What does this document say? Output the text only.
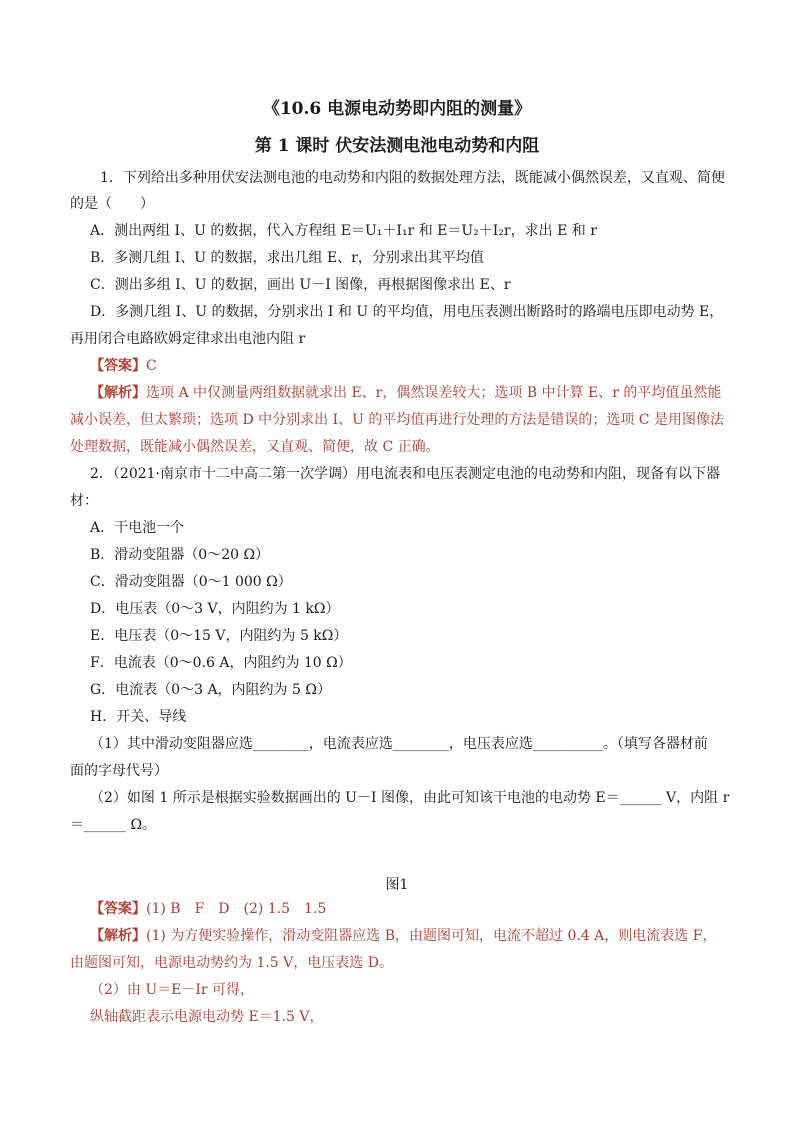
《10.6 电源电动势即内阻的测量》
第 1 课时 伏安法测电池电动势和内阻
1．下列给出多种用伏安法测电池的电动势和内阻的数据处理方法，既能减小偶然误差，又直观、简便
的是（　　）
A．测出两组 I、U 的数据，代入方程组 E＝U₁＋I₁r 和 E＝U₂＋I₂r，求出 E 和 r
B．多测几组 I、U 的数据，求出几组 E、r，分别求出其平均值
C．测出多组 I、U 的数据，画出 U－I 图像，再根据图像求出 E、r
D．多测几组 I、U 的数据，分别求出 I 和 U 的平均值，用电压表测出断路时的路端电压即电动势 E，
再用闭合电路欧姆定律求出电池内阻 r
【答案】C
【解析】选项 A 中仅测量两组数据就求出 E、r，偶然误差较大；选项 B 中计算 E、r 的平均值虽然能
减小误差，但太繁琐；选项 D 中分别求出 I、U 的平均值再进行处理的方法是错误的；选项 C 是用图像法
处理数据，既能减小偶然误差，又直观、简便，故 C 正确。
2．（2021·南京市十二中高二第一次学调）用电流表和电压表测定电池的电动势和内阻，现备有以下器
材：
A．干电池一个
B．滑动变阻器（0～20 Ω）
C．滑动变阻器（0～1 000 Ω）
D．电压表（0～3 V，内阻约为 1 kΩ）
E．电压表（0～15 V，内阻约为 5 kΩ）
F．电流表（0～0.6 A，内阻约为 10 Ω）
G．电流表（0～3 A，内阻约为 5 Ω）
H．开关、导线
（1）其中滑动变阻器应选________，电流表应选________，电压表应选__________。（填写各器材前
面的字母代号）
（2）如图 1 所示是根据实验数据画出的 U－I 图像，由此可知该干电池的电动势 E＝______ V，内阻 r
＝______ Ω。
图1
【答案】(1) B　F　D　(2) 1.5　1.5
【解析】(1) 为方便实验操作，滑动变阻器应选 B，由题图可知，电流不超过 0.4 A，则电流表选 F，
由题图可知，电源电动势约为 1.5 V，电压表选 D。
（2）由 U＝E－Ir 可得，
纵轴截距表示电源电动势 E＝1.5 V，
